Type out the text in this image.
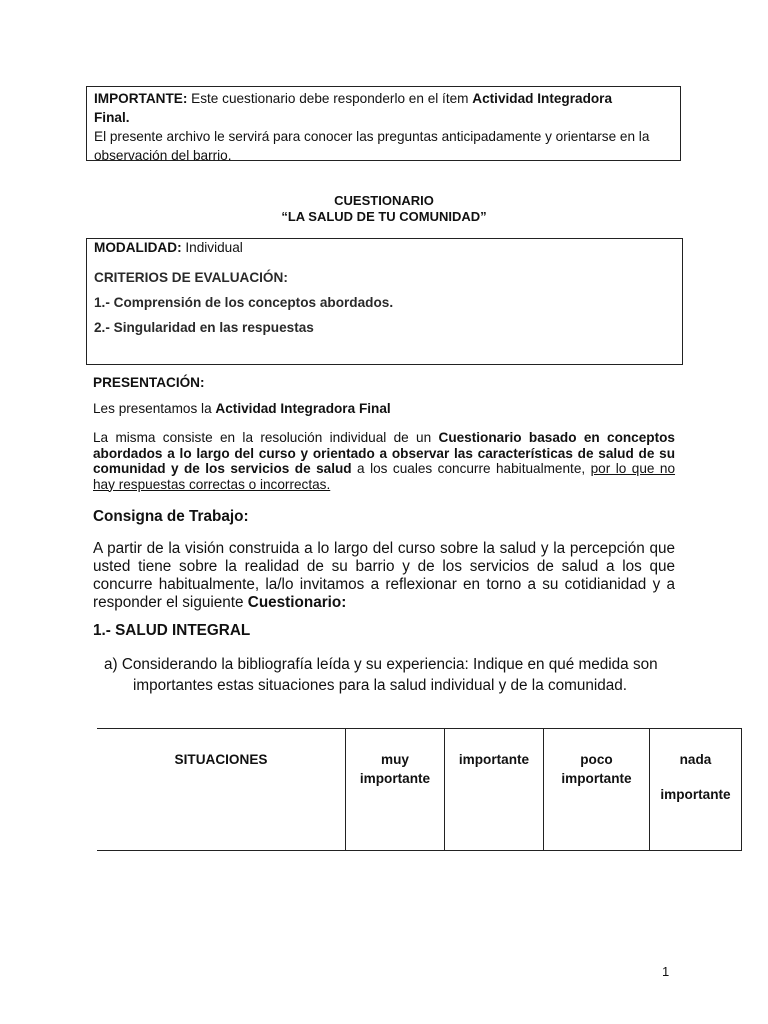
IMPORTANTE: Este cuestionario debe responderlo en el ítem Actividad Integradora
Final.
El presente archivo le servirá para conocer las preguntas anticipadamente y orientarse en la observación del barrio.
CUESTIONARIO
“LA SALUD DE TU COMUNIDAD”
MODALIDAD: Individual
CRITERIOS DE EVALUACIÓN:
1.- Comprensión de los conceptos abordados.
2.- Singularidad en las respuestas
PRESENTACIÓN:
Les presentamos la Actividad Integradora Final
La misma consiste en la resolución individual de un Cuestionario basado en conceptos abordados a lo largo del curso y orientado a observar las características de salud de su comunidad y de los servicios de salud a los cuales concurre habitualmente, por lo que no hay respuestas correctas o incorrectas.
Consigna de Trabajo:
A partir de la visión construida a lo largo del curso sobre la salud y la percepción que usted tiene sobre la realidad de su barrio y de los servicios de salud a los que concurre habitualmente, la/lo invitamos a reflexionar en torno a su cotidianidad y a responder el siguiente Cuestionario:
1.- SALUD INTEGRAL
a) Considerando la bibliografía leída y su experiencia: Indique en qué medida son
importantes estas situaciones para la salud individual y de la comunidad.
SITUACIONES	muy
importante	importante	poco
importante	nada
importante
1
